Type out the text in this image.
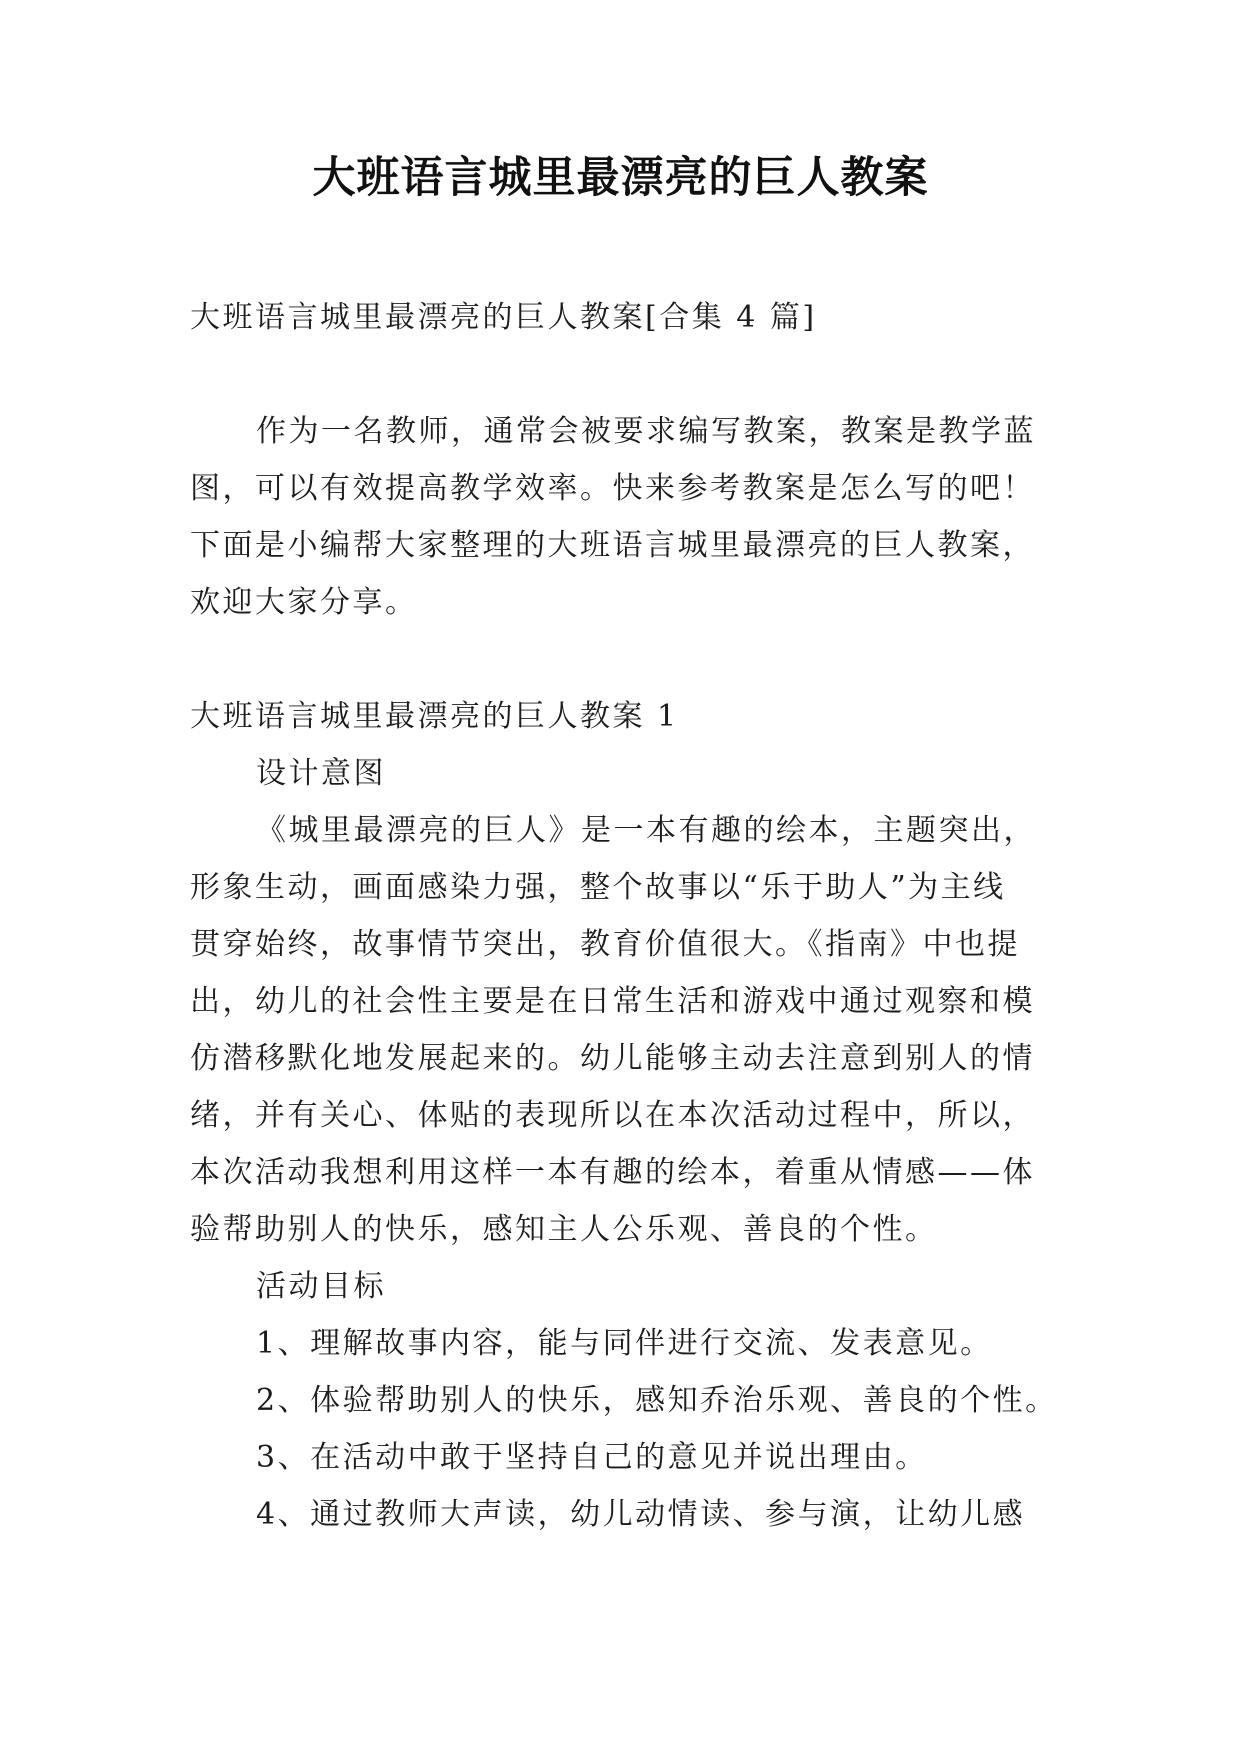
大班语言城里最漂亮的巨人教案

大班语言城里最漂亮的巨人教案[合集 4 篇]

作为一名教师，通常会被要求编写教案，教案是教学蓝

图，可以有效提高教学效率。快来参考教案是怎么写的吧！

下面是小编帮大家整理的大班语言城里最漂亮的巨人教案，

欢迎大家分享。

大班语言城里最漂亮的巨人教案 1

设计意图

《城里最漂亮的巨人》是一本有趣的绘本，主题突出，

形象生动，画面感染力强，整个故事以“乐于助人”为主线

贯穿始终，故事情节突出，教育价值很大。《指南》中也提

出，幼儿的社会性主要是在日常生活和游戏中通过观察和模

仿潜移默化地发展起来的。幼儿能够主动去注意到别人的情

绪，并有关心、体贴的表现所以在本次活动过程中，所以，

本次活动我想利用这样一本有趣的绘本，着重从情感——体

验帮助别人的快乐，感知主人公乐观、善良的个性。

活动目标

1、理解故事内容，能与同伴进行交流、发表意见。

2、体验帮助别人的快乐，感知乔治乐观、善良的个性。

3、在活动中敢于坚持自己的意见并说出理由。

4、通过教师大声读，幼儿动情读、参与演，让幼儿感
